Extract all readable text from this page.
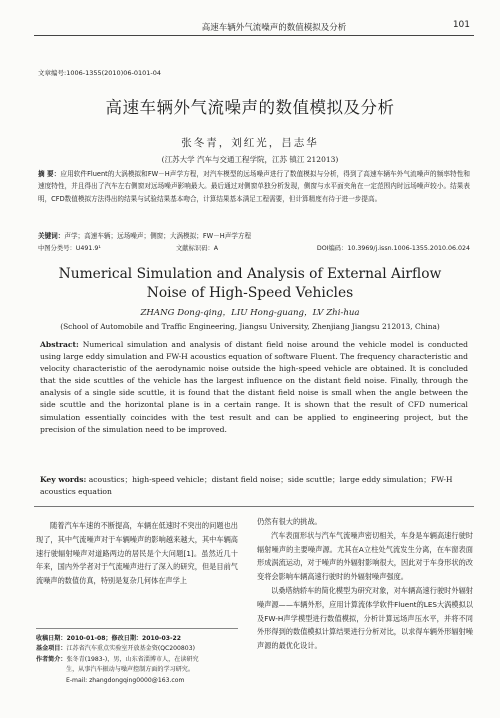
高速车辆外气流噪声的数值模拟及分析	101
文章编号:1006-1355(2010)06-0101-04
高速车辆外气流噪声的数值模拟及分析
张冬青，刘红光，吕志华
(江苏大学 汽车与交通工程学院，江苏 镇江 212013)
摘 要：应用软件Fluent的大涡模拟和FW－H声学方程，对汽车模型的远场噪声进行了数值模拟与分析，得到了高速车辆车外气流噪声的频率特性和速度特性，并且得出了汽车左右侧窗对远场噪声影响最大。最后通过对侧窗单独分析发现，侧窗与水平面夹角在一定范围内时远场噪声较小。结果表明，CFD数值模拟方法得出的结果与试验结果基本吻合，计算结果基本满足工程需要，但计算精度有待于进一步提高。
关键词：声学；高速车辆；远场噪声；侧窗；大涡模拟；FW－H声学方程
中图分类号：U491.9¹	文献标识码：A	DOI编码：10.3969/j.issn.1006-1355.2010.06.024
Numerical Simulation and Analysis of External Airflow
Noise of High-Speed Vehicles
ZHANG Dong-qing，LIU Hong-guang，LV Zhi-hua
(School of Automobile and Traffic Engineering, Jiangsu University, Zhenjiang Jiangsu 212013, China)
Abstract: Numerical simulation and analysis of distant field noise around the vehicle model is conducted using large eddy simulation and FW-H acoustics equation of software Fluent. The frequency characteristic and velocity characteristic of the aerodynamic noise outside the high-speed vehicle are obtained. It is concluded that the side scuttles of the vehicle has the largest influence on the distant field noise. Finally, through the analysis of a single side scuttle, it is found that the distant field noise is small when the angle between the side scuttle and the horizontal plane is in a certain range. It is shown that the result of CFD numerical simulation essentially coincides with the test result and can be applied to engineering project, but the precision of the simulation need to be improved.
Key words: acoustics；high-speed vehicle；distant field noise；side scuttle；large eddy simulation；FW-H acoustics equation

随着汽车车速的不断提高，车辆在低速时不突出的问题也出现了，其中气流噪声对于车辆噪声的影响越来越大，其中车辆高速行驶辐射噪声对道路两边的居民是个大问题[1]。虽然近几十年来，国内外学者对于气流噪声进行了深入的研究，但是目前气流噪声的数值仿真，特别是复杂几何体在声学上

仍然有很大的挑战。

汽车表面形状与汽车气流噪声密切相关，车身是车辆高速行驶时辐射噪声的主要噪声源。尤其在A立柱处气流发生分离，在车窗表面形成涡流运动，对于噪声的外辐射影响很大，因此对于车身形状的改变将会影响车辆高速行驶时的外辐射噪声强度。

以桑塔纳轿车的简化模型为研究对象，对车辆高速行驶时外辐射噪声源——车辆外形，应用计算流体学软件Fluent的LES大涡模拟以及FW-H声学模型进行数值模拟，分析计算远场声压水平，并将不同外形得到的数值模拟计算结果进行分析对比，以求得车辆外形辐射噪声源的最优化设计。

收稿日期：2010-01-08；修改日期：2010-03-22
基金项目：江苏省汽车重点实验室开放基金资(QC200803)
作者简介：张冬青(1983-)，男，山东省淄博市人，在读研究

生，从事汽车振动与噪声控制方面的学习研究。
E-mail: zhangdongqing0000@163.com
